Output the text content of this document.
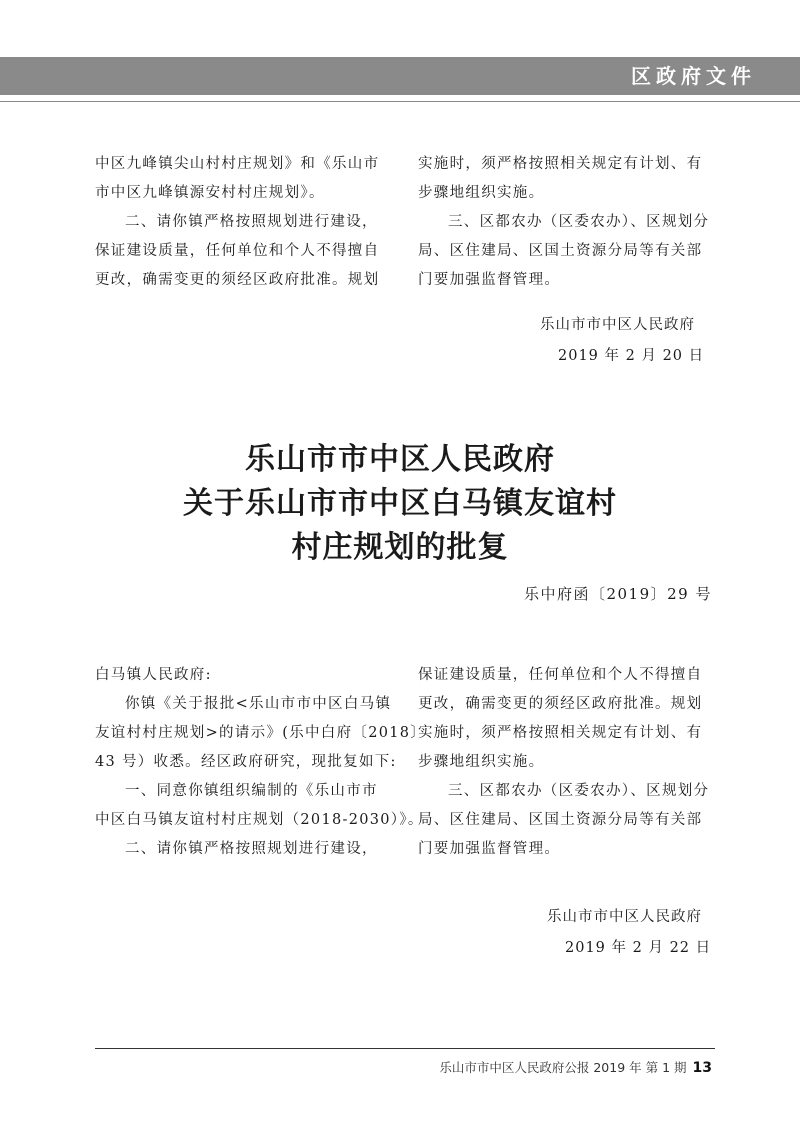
区政府文件

中区九峰镇尖山村村庄规划》和《乐山市

市中区九峰镇源安村村庄规划》。

二、请你镇严格按照规划进行建设，

保证建设质量，任何单位和个人不得擅自

更改，确需变更的须经区政府批准。规划

实施时，须严格按照相关规定有计划、有

步骤地组织实施。

三、区都农办（区委农办）、区规划分

局、区住建局、区国土资源分局等有关部

门要加强监督管理。

乐山市市中区人民政府
2019 年 2 月 20 日
乐山市市中区人民政府
关于乐山市市中区白马镇友谊村
村庄规划的批复
乐中府函〔2019〕29 号

白马镇人民政府:

你镇《关于报批<乐山市市中区白马镇

友谊村村庄规划>的请示》(乐中白府〔2018〕

43 号）收悉。经区政府研究，现批复如下:

一、同意你镇组织编制的《乐山市市

中区白马镇友谊村村庄规划（2018-2030）》。

二、请你镇严格按照规划进行建设，

保证建设质量，任何单位和个人不得擅自

更改，确需变更的须经区政府批准。规划

实施时，须严格按照相关规定有计划、有

步骤地组织实施。

三、区都农办（区委农办）、区规划分

局、区住建局、区国土资源分局等有关部

门要加强监督管理。

乐山市市中区人民政府
2019 年 2 月 22 日
乐山市市中区人民政府公报 2019 年 第 1 期 13
